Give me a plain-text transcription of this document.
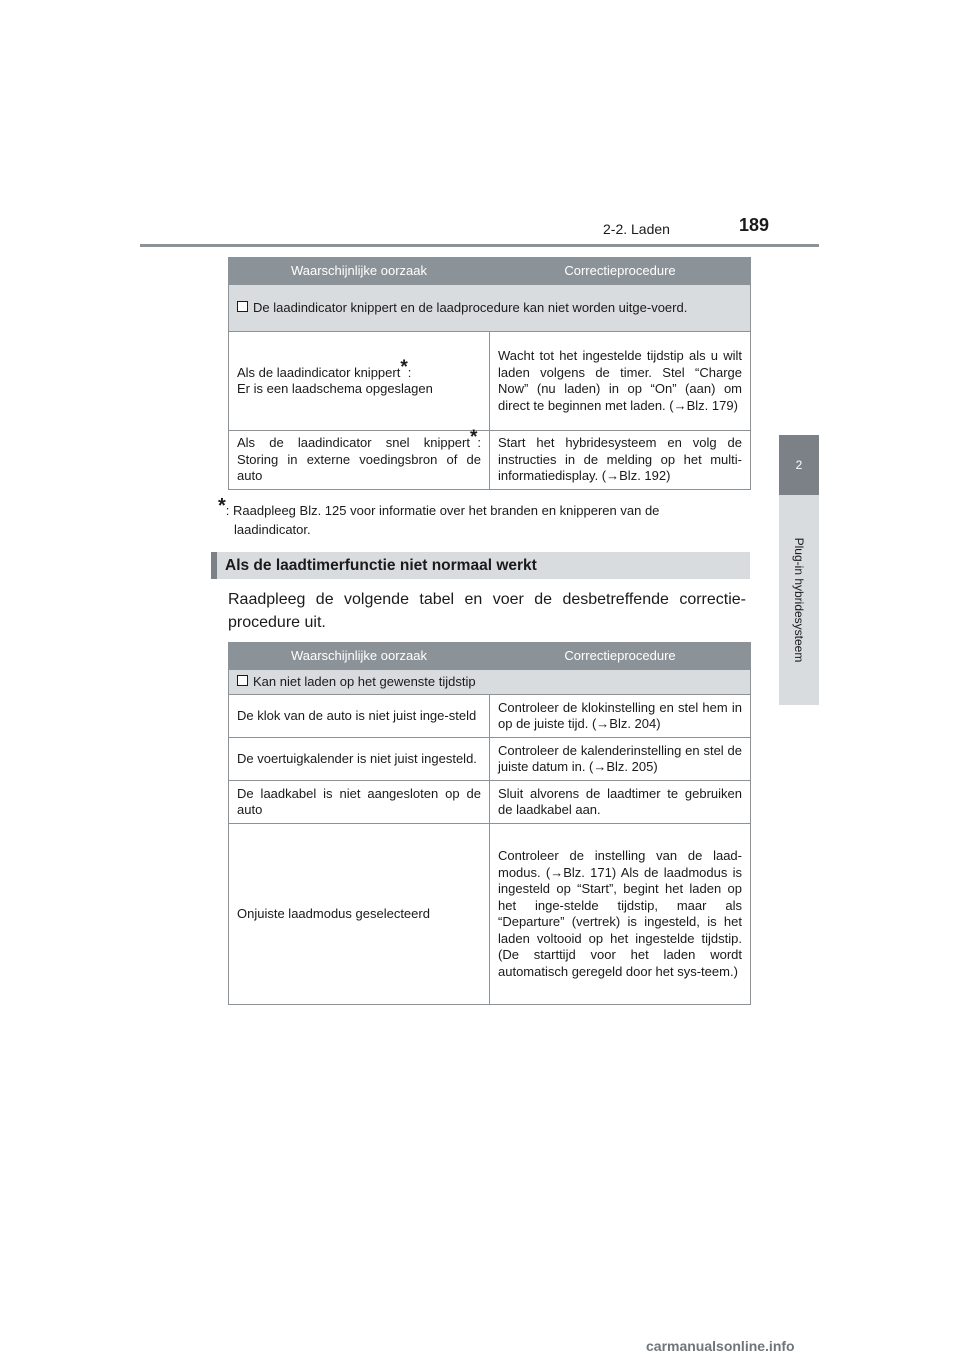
2-2. Laden	189
2
Plug-in hybridesysteem
Waarschijnlijke oorzaak	Correctieprocedure
De laadindicator knippert en de laadprocedure kan niet worden uitge-voerd.	
Als de laadindicator knippert*:
Er is een laadschema opgeslagen	Wacht tot het ingestelde tijdstip als u wilt laden volgens de timer. Stel “Charge Now” (nu laden) in op “On” (aan) om direct te beginnen met laden. (→Blz. 179)
Als de laadindicator snel knippert*: Storing in externe voedingsbron of de auto	Start het hybridesysteem en volg de instructies in de melding op het multi-informatiedisplay. (→Blz. 192)
*: Raadpleeg Blz. 125 voor informatie over het branden en knipperen van de
laadindicator.
Als de laadtimerfunctie niet normaal werkt
Raadpleeg de volgende tabel en voer de desbetreffende correctie-procedure uit.
Waarschijnlijke oorzaak	Correctieprocedure
Kan niet laden op het gewenste tijdstip	
De klok van de auto is niet juist inge-steld	Controleer de klokinstelling en stel hem in op de juiste tijd. (→Blz. 204)
De voertuigkalender is niet juist ingesteld.	Controleer de kalenderinstelling en stel de juiste datum in. (→Blz. 205)
De laadkabel is niet aangesloten op de auto	Sluit alvorens de laadtimer te gebruiken de laadkabel aan.
Onjuiste laadmodus geselecteerd	Controleer de instelling van de laad-modus. (→Blz. 171) Als de laadmodus is ingesteld op “Start”, begint het laden op het inge-stelde tijdstip, maar als “Departure” (vertrek) is ingesteld, is het laden voltooid op het ingestelde tijdstip. (De starttijd voor het laden wordt automatisch geregeld door het sys-teem.)
carmanualsonline.info
